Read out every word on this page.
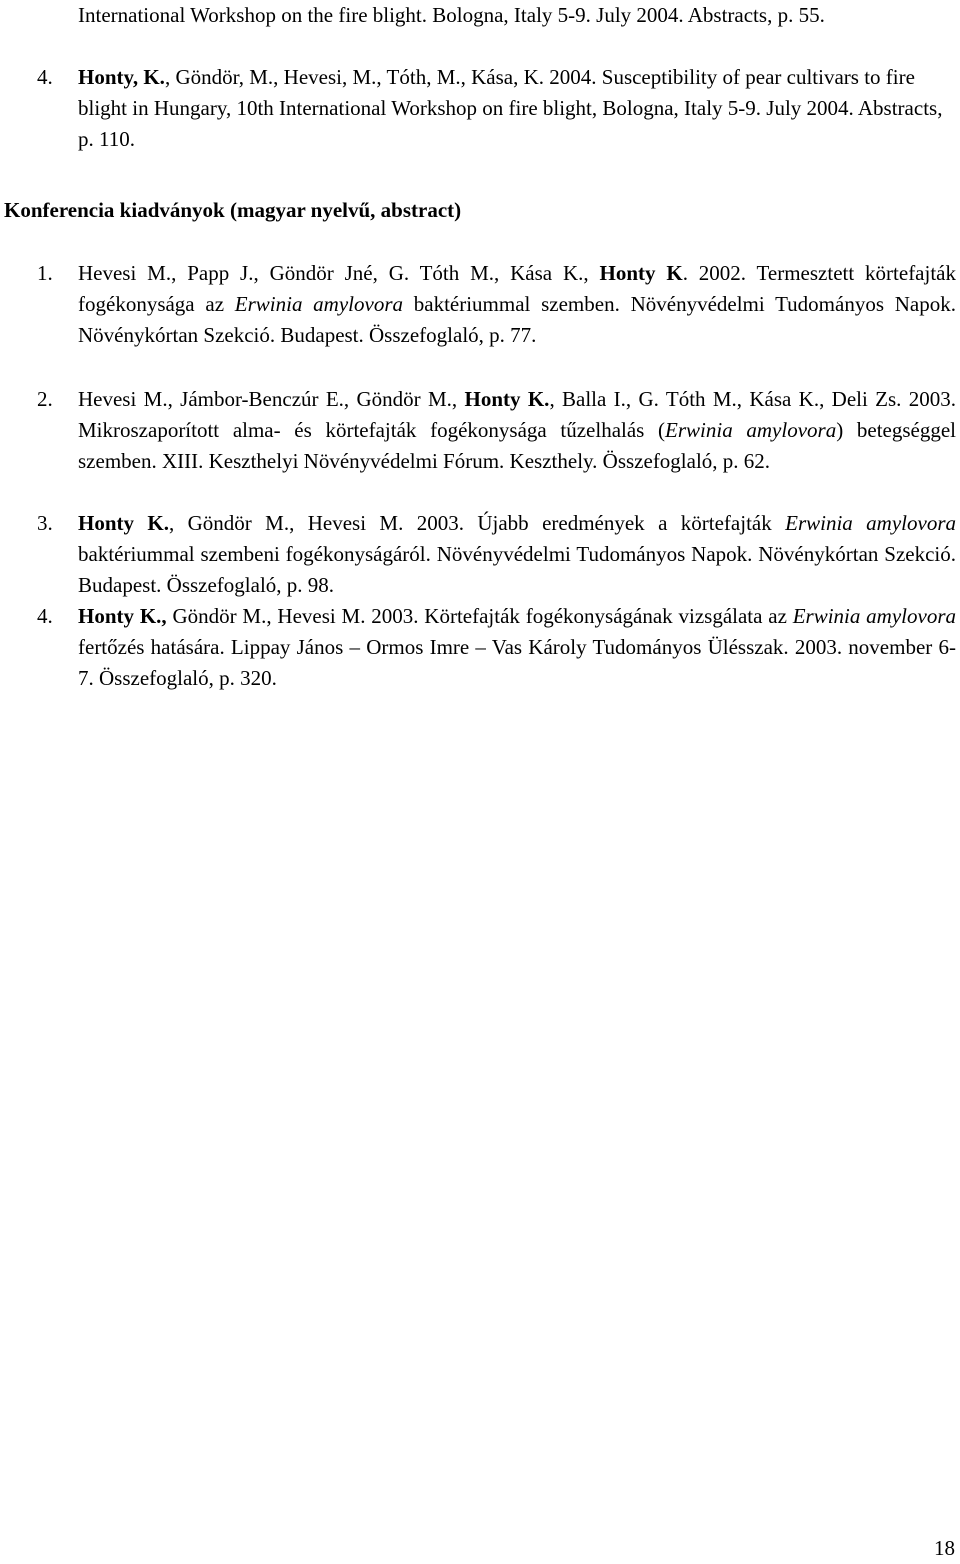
International Workshop on the fire blight. Bologna, Italy 5-9. July 2004. Abstracts, p. 55.
4.	Honty, K., Göndör, M., Hevesi, M., Tóth, M., Kása, K. 2004. Susceptibility of pear cultivars to fire blight in Hungary, 10th International Workshop on fire blight, Bologna, Italy 5-9. July 2004. Abstracts, p. 110.
Konferencia kiadványok (magyar nyelvű, abstract)
1.	Hevesi M., Papp J., Göndör Jné, G. Tóth M., Kása K., Honty K. 2002. Termesztett körtefajták fogékonysága az Erwinia amylovora baktériummal szemben. Növényvédelmi Tudományos Napok. Növénykórtan Szekció. Budapest. Összefoglaló, p. 77.
2.	Hevesi M., Jámbor-Benczúr E., Göndör M., Honty K., Balla I., G. Tóth M., Kása K., Deli Zs. 2003. Mikroszaporított alma- és körtefajták fogékonysága tűzelhalás (Erwinia amylovora) betegséggel szemben. XIII. Keszthelyi Növényvédelmi Fórum. Keszthely. Összefoglaló, p. 62.
3.	Honty K., Göndör M., Hevesi M. 2003. Újabb eredmények a körtefajták Erwinia amylovora baktériummal szembeni fogékonyságáról. Növényvédelmi Tudományos Napok. Növénykórtan Szekció. Budapest. Összefoglaló, p. 98.
4.	Honty K., Göndör M., Hevesi M. 2003. Körtefajták fogékonyságának vizsgálata az Erwinia amylovora fertőzés hatására. Lippay János – Ormos Imre – Vas Károly Tudományos Ülésszak. 2003. november 6-7. Összefoglaló, p. 320.
18
